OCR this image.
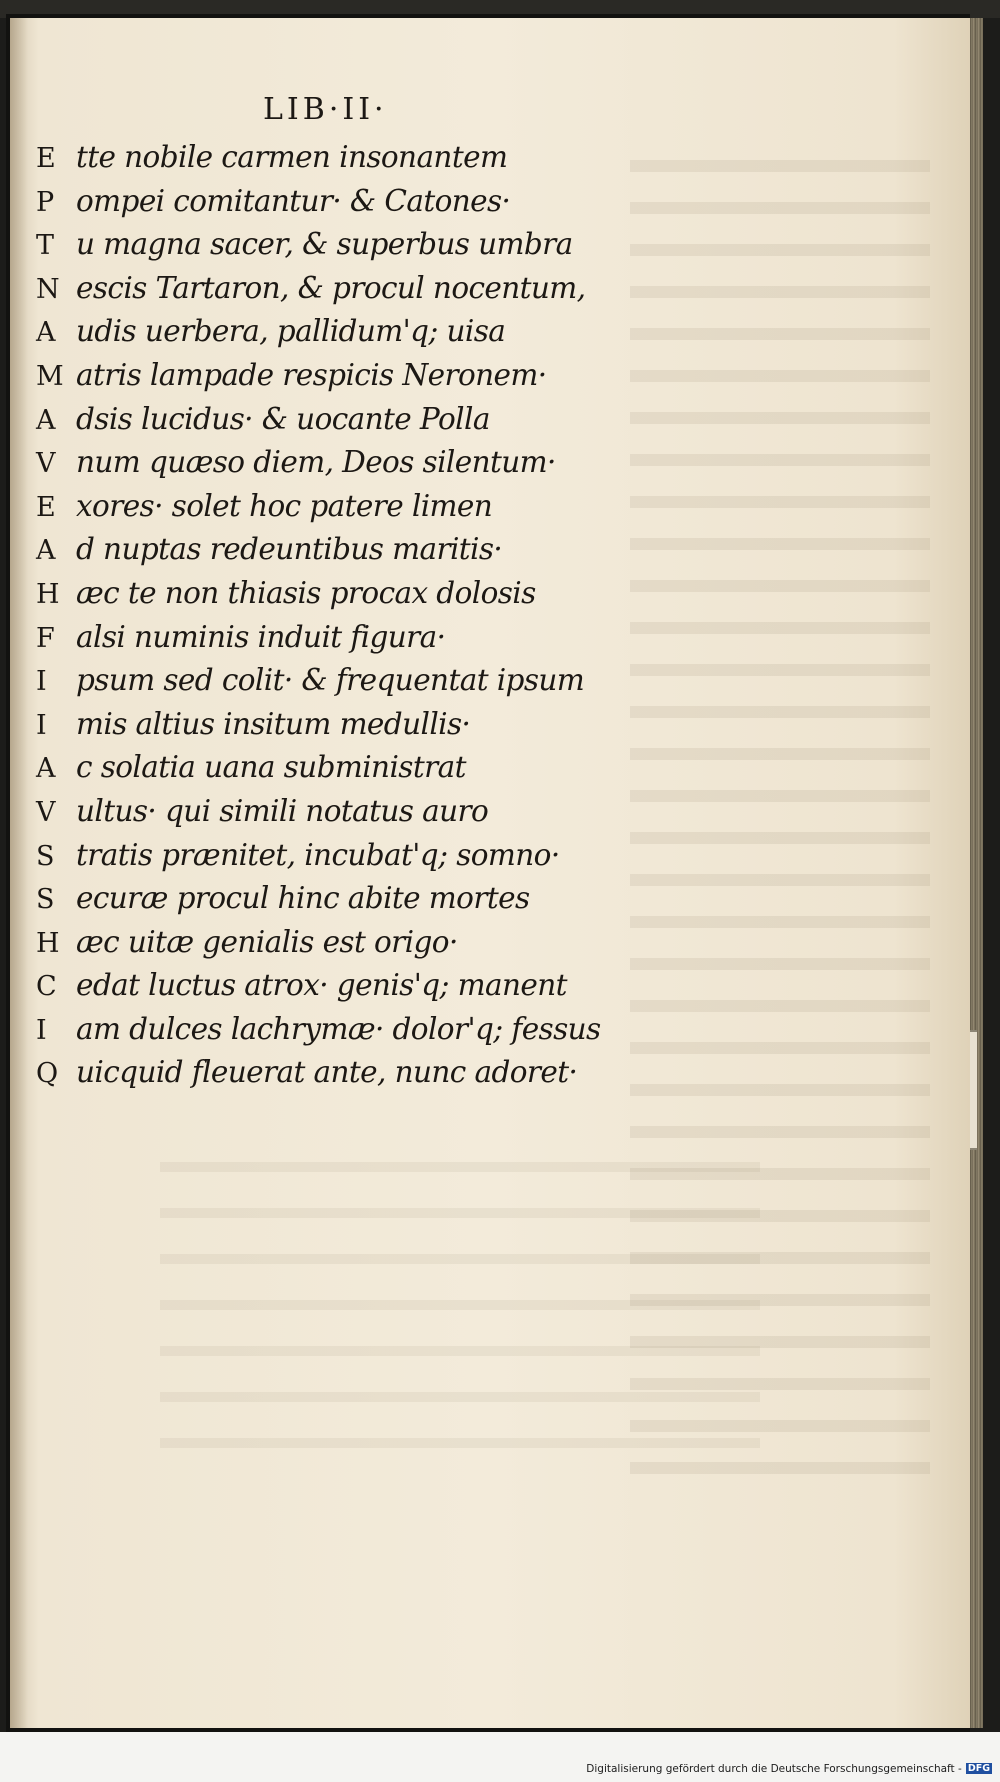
LIB·II·
E tte nobile carmen insonantem
P ompei comitantur· & Catones·
T u magna sacer, & superbus umbra
N escis Tartaron, & procul nocentum,
A udis uerbera, pallidum'q; uisa
M atris lampade respicis Neronem·
A dsis lucidus· & uocante Polla
V num quæso diem, Deos silentum·
E xores· solet hoc patere limen
A d nuptas redeuntibus maritis·
H æc te non thiasis procax dolosis
F alsi numinis induit figura·
I psum sed colit· & frequentat ipsum
I mis altius insitum medullis·
A c solatia uana subministrat
V ultus· qui simili notatus auro
S tratis prænitet, incubat'q; somno·
S ecuræ procul hinc abite mortes
H æc uitæ genialis est origo·
C edat luctus atrox· genis'q; manent
I am dulces lachrymæ· dolor'q; fessus
Q uicquid fleuerat ante, nunc adoret·
Digitalisierung gefördert durch die Deutsche Forschungsgemeinschaft - DFG
